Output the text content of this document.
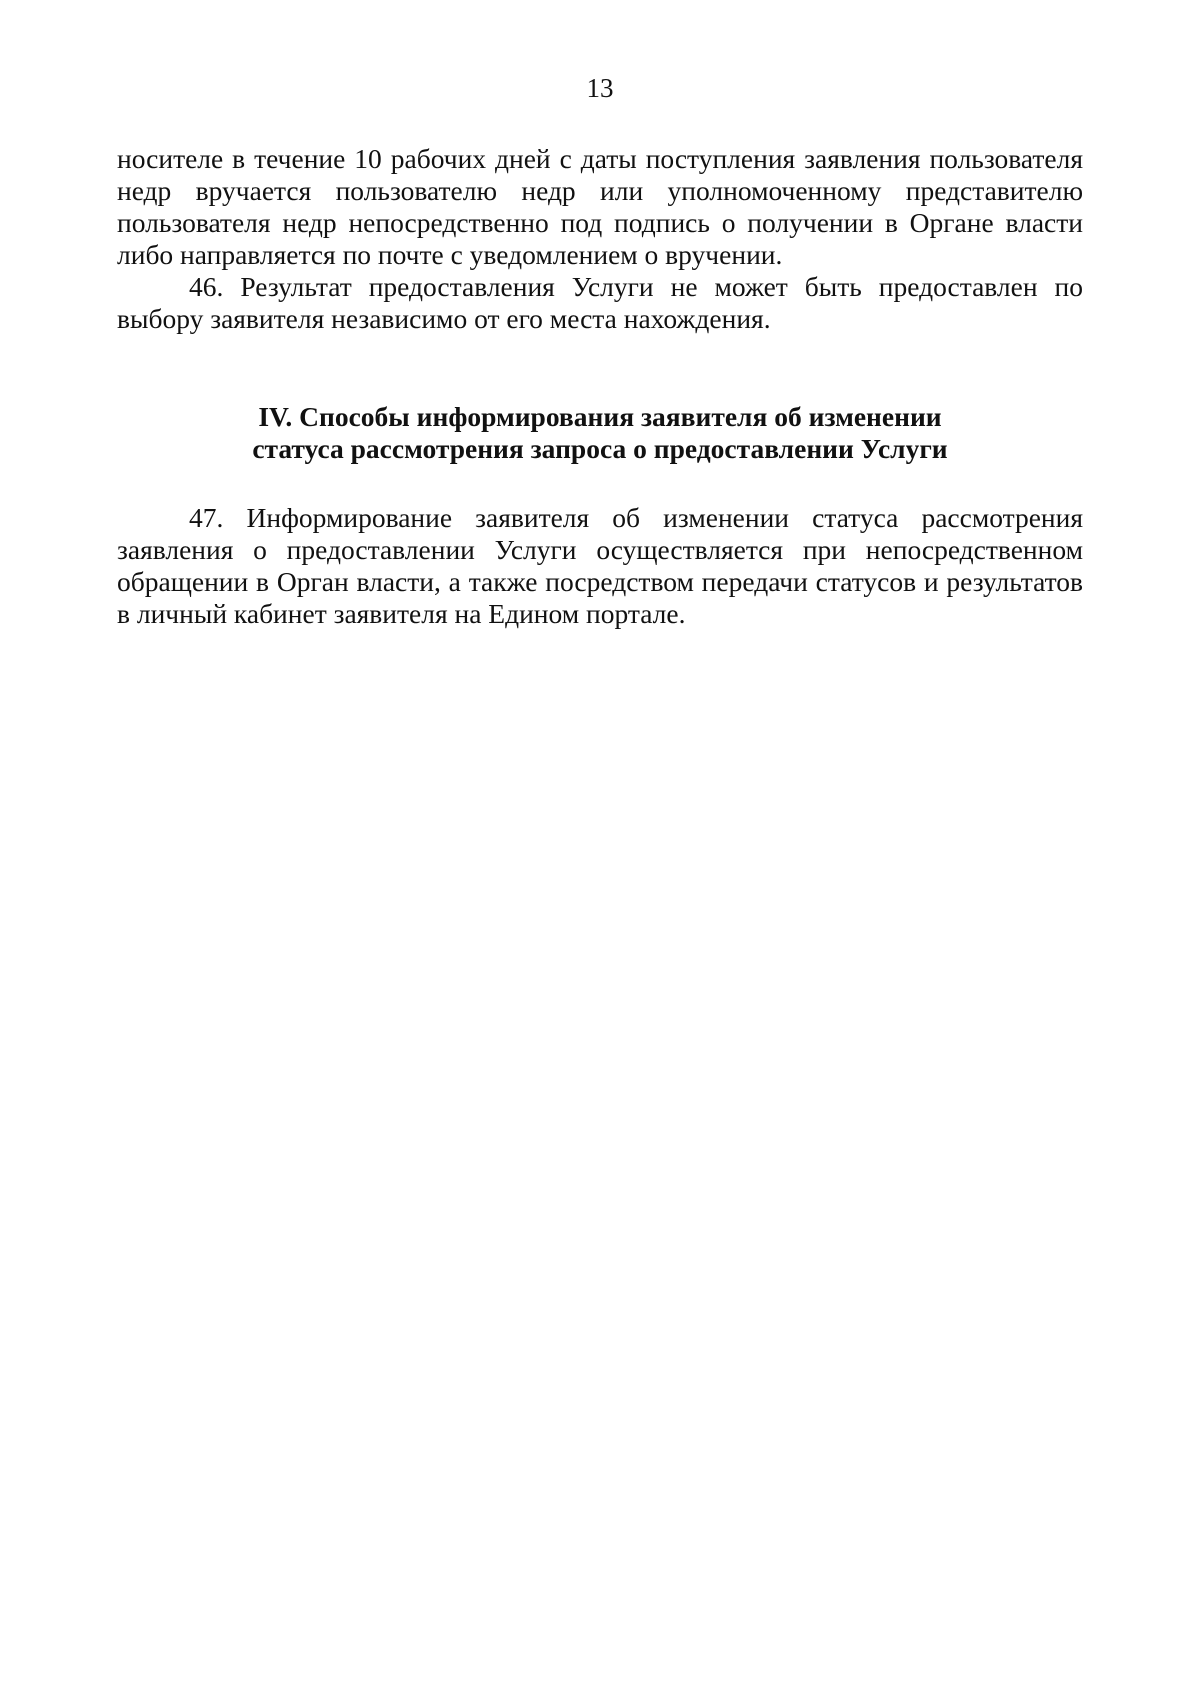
13

носителе в течение 10 рабочих дней с даты поступления заявления пользователя недр вручается пользователю недр или уполномоченному представителю пользователя недр непосредственно под подпись о получении в Органе власти либо направляется по почте с уведомлением о вручении.

46. Результат предоставления Услуги не может быть предоставлен по выбору заявителя независимо от его места нахождения.

IV. Способы информирования заявителя об изменении
статуса рассмотрения запроса о предоставлении Услуги

47. Информирование заявителя об изменении статуса рассмотрения заявления о предоставлении Услуги осуществляется при непосредственном обращении в Орган власти, а также посредством передачи статусов и результатов в личный кабинет заявителя на Едином портале.
